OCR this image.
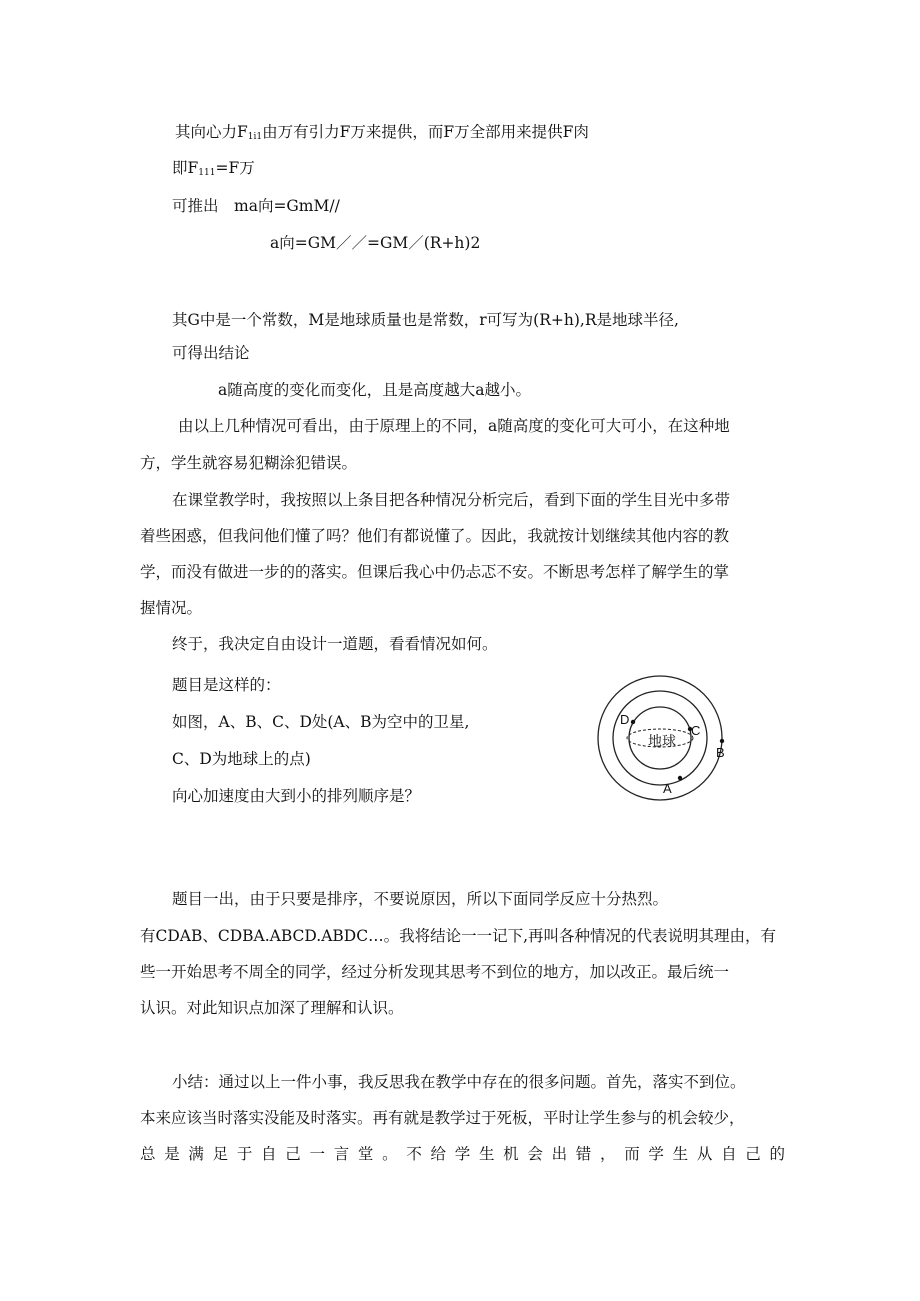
其向心力$F_{1i1}$由万有引力F万来提供，而F万全部用来提供F肉

即$F_{111}=F$万

可推出　ma向=GmM//

a向=GM／／=GM／(R+h)2

其G中是一个常数，M是地球质量也是常数，r可写为(R+h),R是地球半径,

可得出结论

a随高度的变化而变化，且是高度越大a越小。

由以上几种情况可看出，由于原理上的不同，a随高度的变化可大可小，在这种地

方，学生就容易犯糊涂犯错误。

在课堂教学时，我按照以上条目把各种情况分析完后，看到下面的学生目光中多带

着些困惑，但我问他们懂了吗？他们有都说懂了。因此，我就按计划继续其他内容的教

学，而没有做进一步的的落实。但课后我心中仍忐忑不安。不断思考怎样了解学生的掌

握情况。

终于，我决定自由设计一道题，看看情况如何。

题目是这样的：

如图，A、B、C、D处(A、B为空中的卫星,

C、D为地球上的点)

向心加速度由大到小的排列顺序是？

地球
D
C
B
A

题目一出，由于只要是排序，不要说原因，所以下面同学反应十分热烈。

有CDAB、CDBA.ABCD.ABDC…。我将结论一一记下,再叫各种情况的代表说明其理由，有

些一开始思考不周全的同学，经过分析发现其思考不到位的地方，加以改正。最后统一

认识。对此知识点加深了理解和认识。

小结：通过以上一件小事，我反思我在教学中存在的很多问题。首先，落实不到位。

本来应该当时落实没能及时落实。再有就是教学过于死板，平时让学生参与的机会较少，

总是满足于自己一言堂。不给学生机会出错，而学生从自己的
